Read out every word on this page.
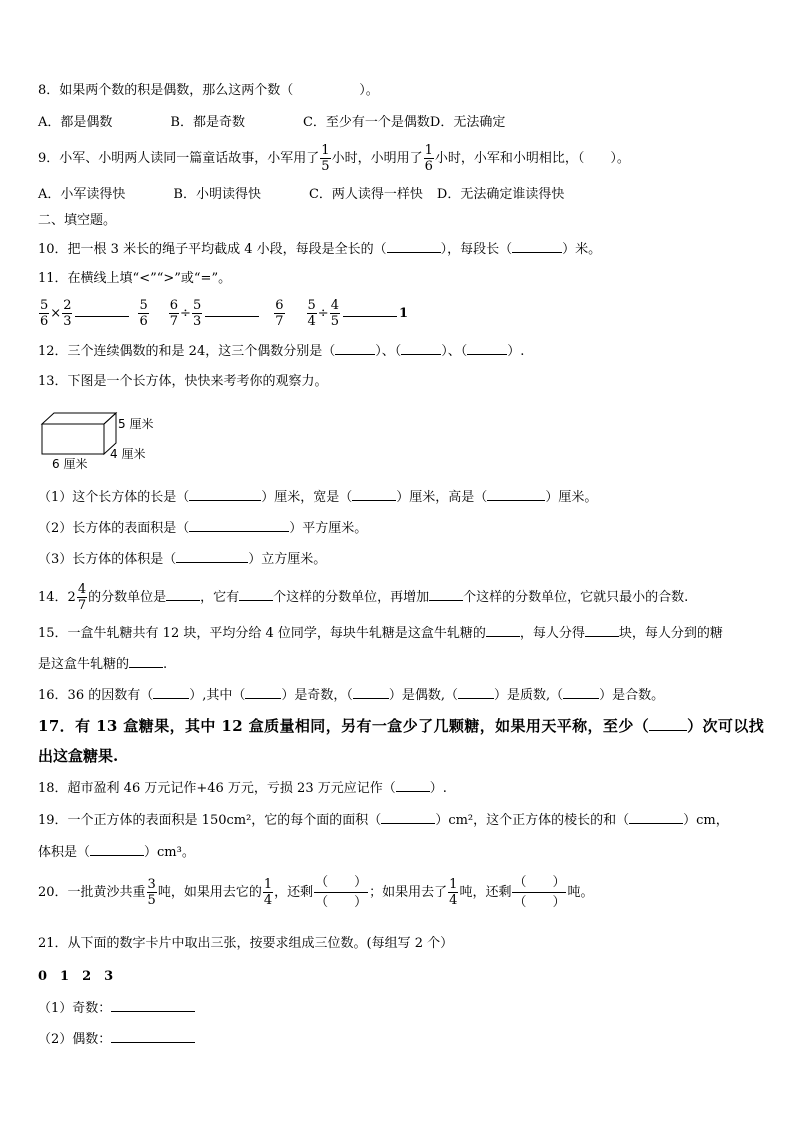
8．如果两个数的积是偶数，那么这两个数（	）。
A．都是偶数	B．都是奇数	C．至少有一个是偶数D．无法确定
9．小军、小明两人读同一篇童话故事，小军用了 $\frac{1}{5}$ 小时，小明用了 $\frac{1}{6}$ 小时，小军和小明相比，（　　）。
A．小军读得快	B．小明读得快	C．两人读得一样快 D．无法确定谁读得快
二、填空题。
10．把一根 3 米长的绳子平均截成 4 小段，每段是全长的（	），每段长（	）米。
11．在横线上填“<”“>”或“=”。
$\frac{5}{6} \times \frac{2}{3}$	$\frac{5}{6} \frac{6}{7} \div \frac{5}{3}$	$\frac{6}{7} \frac{5}{4} \div \frac{4}{5}$	1
12．三个连续偶数的和是 24，这三个偶数分别是（	）、（	）、（	）.
13．下图是一个长方体，快快来考考你的观察力。
5 厘米
4 厘米
6 厘米
（1）这个长方体的长是（	）厘米，宽是（	）厘米，高是（	）厘米。
（2）长方体的表面积是（	）平方厘米。
（3）长方体的体积是（	）立方厘米。
14．$2 \frac{4}{7}$ 的分数单位是	，它有	个这样的分数单位，再增加	个这样的分数单位，它就只最小的合数.
15．一盒牛轧糖共有 12 块，平均分给 4 位同学，每块牛轧糖是这盒牛轧糖的	，每人分得	块，每人分到的糖
是这盒牛轧糖的	.
16．36 的因数有（	）,其中（	）是奇数，（	）是偶数,（	）是质数,（	）是合数。
17．有 13 盒糖果，其中 12 盒质量相同，另有一盒少了几颗糖，如果用天平称，至少（	）次可以找
出这盒糖果.
18．超市盈利 46 万元记作+46 万元，亏损 23 万元应记作（	）.
19．一个正方体的表面积是 150cm²，它的每个面的面积（	）cm²，这个正方体的棱长的和（	）cm，
体积是（	）cm³。
20．一批黄沙共重 $\frac{3}{5}$ 吨，如果用去它的 $\frac{1}{4}$ ，还剩 $\frac{( )}{( )}$ ；如果用去了 $\frac{1}{4}$ 吨，还剩 $\frac{( )}{( )}$ 吨。
21．从下面的数字卡片中取出三张，按要求组成三位数。(每组写 2 个）
0　1　2　3
（1）奇数：
（2）偶数：
